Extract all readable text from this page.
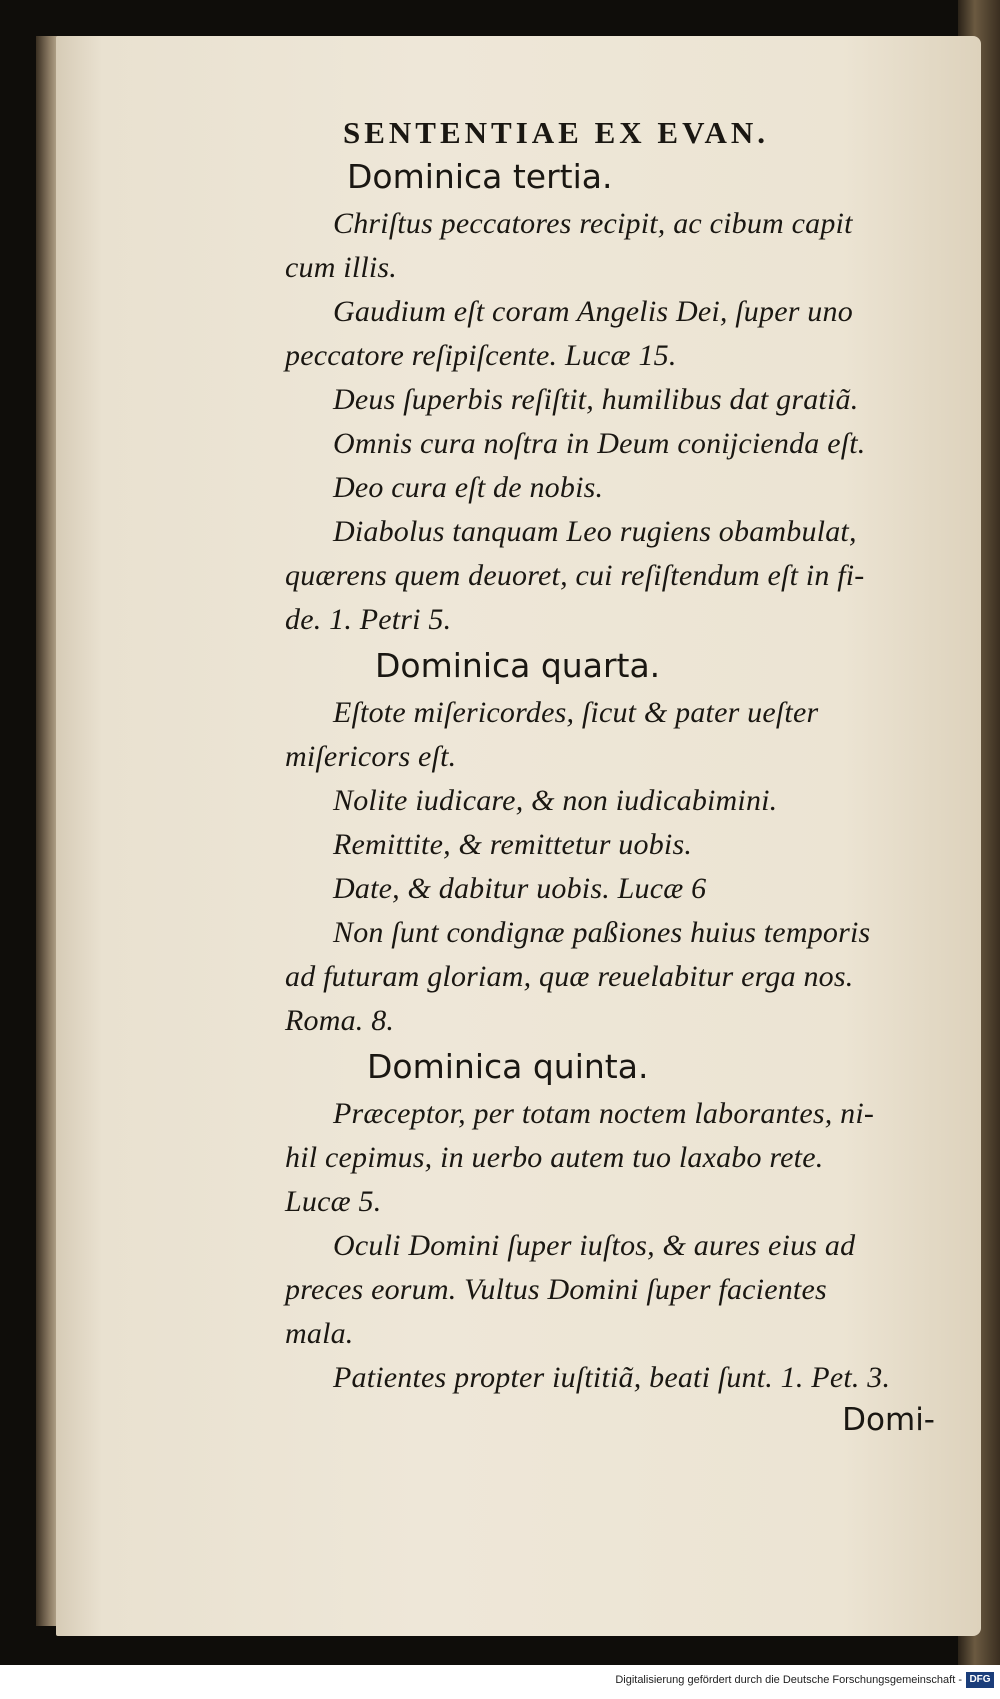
SENTENTIAE EX EVAN.
Dominica tertia.
Chriſtus peccatores recipit, ac cibum capit
cum illis.
Gaudium eſt coram Angelis Dei, ſuper uno
peccatore reſipiſcente. Lucæ 15.
Deus ſuperbis reſiſtit, humilibus dat gratiã.
Omnis cura noſtra in Deum conijcienda eſt.
Deo cura eſt de nobis.
Diabolus tanquam Leo rugiens obambulat,
quærens quem deuoret, cui reſiſtendum eſt in fi-
de. 1. Petri 5.
Dominica quarta.
Eſtote miſericordes, ſicut & pater ueſter
miſericors eſt.
Nolite iudicare, & non iudicabimini.
Remittite, & remittetur uobis.
Date, & dabitur uobis. Lucæ 6
Non ſunt condignæ paßiones huius temporis
ad futuram gloriam, quæ reuelabitur erga nos.
Roma. 8.
Dominica quinta.
Præceptor, per totam noctem laborantes, ni-
hil cepimus, in uerbo autem tuo laxabo rete.
Lucæ 5.
Oculi Domini ſuper iuſtos, & aures eius ad
preces eorum. Vultus Domini ſuper facientes
mala.
Patientes propter iuſtitiã, beati ſunt. 1. Pet. 3.
Domi-
Digitalisierung gefördert durch die Deutsche Forschungsgemeinschaft - DFG
